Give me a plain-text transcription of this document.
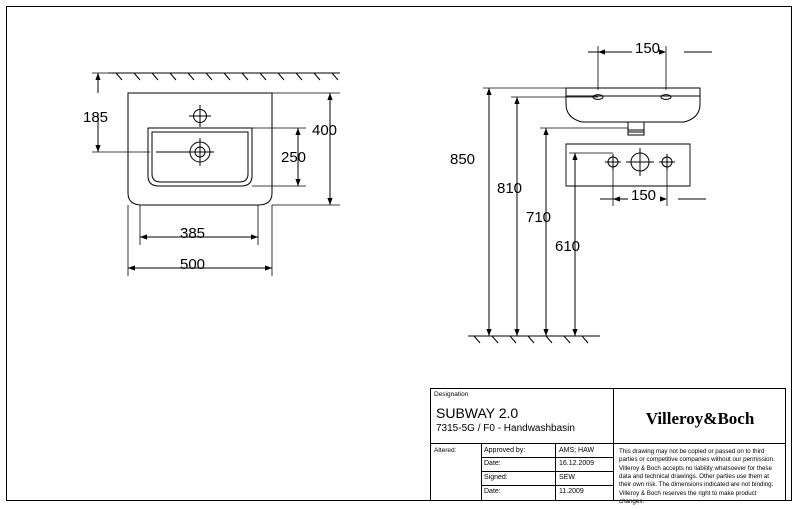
185
400
250
385
500
150
850
810
710
610
150
Designation
SUBWAY 2.0
7315-5G / F0 - Handwashbasin
Villeroy&Boch
Altered:	Approved by:	AMS; HAW
Date:	16.12.2009
Signed:	SEW
Date:	11.2009
This drawing may not be copied or passed on to third parties or competitive companies without our permission. Villeroy & Boch accepts no liability whatsoever for these data and technical drawings. Other parties use them at their own risk. The dimensions indicated are not binding. Villeroy & Boch reserves the right to make product changes.
